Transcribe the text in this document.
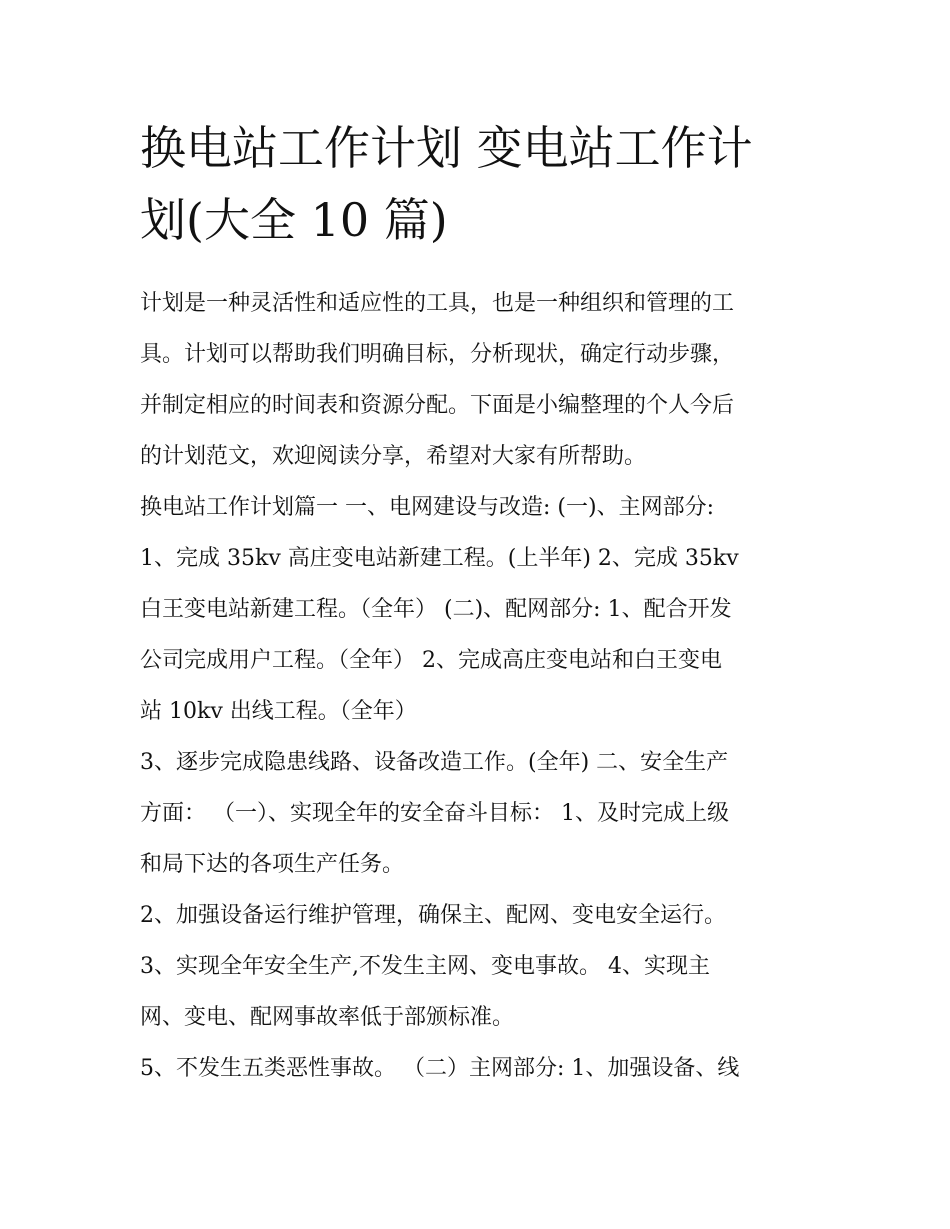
换电站工作计划 变电站工作计
划(大全 10 篇)
计划是一种灵活性和适应性的工具，也是一种组织和管理的工
具。计划可以帮助我们明确目标，分析现状，确定行动步骤，
并制定相应的时间表和资源分配。下面是小编整理的个人今后
的计划范文，欢迎阅读分享，希望对大家有所帮助。
换电站工作计划篇一 一、电网建设与改造: (一)、主网部分:
1、完成 35kv 高庄变电站新建工程。(上半年) 2、完成 35kv
白王变电站新建工程。（全年） (二)、配网部分: 1、配合开发
公司完成用户工程。（全年） 2、完成高庄变电站和白王变电
站 10kv 出线工程。（全年）
3、逐步完成隐患线路、设备改造工作。(全年) 二、安全生产
方面： （一）、实现全年的安全奋斗目标： 1、及时完成上级
和局下达的各项生产任务。
2、加强设备运行维护管理，确保主、配网、变电安全运行。
3、实现全年安全生产,不发生主网、变电事故。 4、实现主
网、变电、配网事故率低于部颁标准。
5、不发生五类恶性事故。 （二）主网部分: 1、加强设备、线
